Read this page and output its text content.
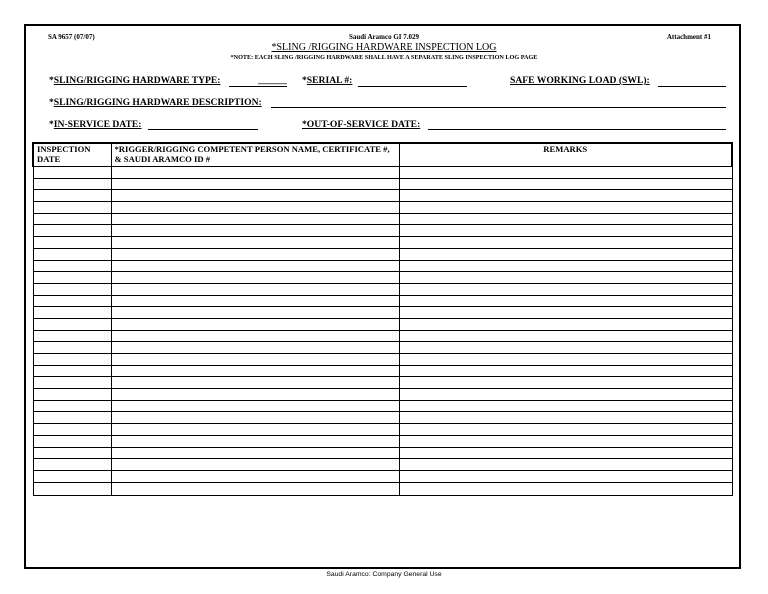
SA 9657 (07/07)	Saudi Aramco GI 7.029	Attachment #1
*SLING /RIGGING HARDWARE INSPECTION LOG
*NOTE: EACH SLING /RIGGING HARDWARE SHALL HAVE A SEPARATE SLING INSPECTION LOG PAGE
*SLING/RIGGING HARDWARE TYPE:	______ *SERIAL #:	SAFE WORKING LOAD (SWL):
*SLING/RIGGING HARDWARE DESCRIPTION:
*IN-SERVICE DATE:	*OUT-OF-SERVICE DATE:
INSPECTION DATE	*RIGGER/RIGGING COMPETENT PERSON NAME, CERTIFICATE #, & SAUDI ARAMCO ID #	REMARKS

Saudi Aramco: Company General Use
